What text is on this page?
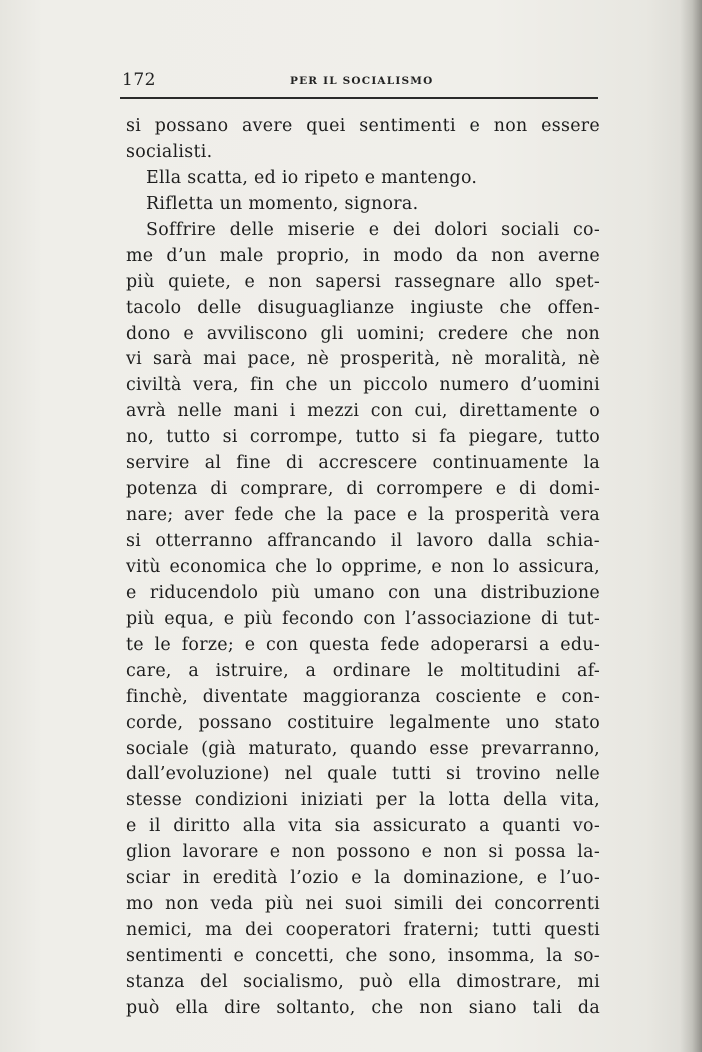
172	PER IL SOCIALISMO
si possano avere quei sentimenti e non essere
socialisti.
Ella scatta, ed io ripeto e mantengo.
Rifletta un momento, signora.
Soffrire delle miserie e dei dolori sociali co-
me d’un male proprio, in modo da non averne
più quiete, e non sapersi rassegnare allo spet-
tacolo delle disuguaglianze ingiuste che offen-
dono e avviliscono gli uomini; credere che non
vi sarà mai pace, nè prosperità, nè moralità, nè
civiltà vera, fin che un piccolo numero d’uomini
avrà nelle mani i mezzi con cui, direttamente o
no, tutto si corrompe, tutto si fa piegare, tutto
servire al fine di accrescere continuamente la
potenza di comprare, di corrompere e di domi-
nare; aver fede che la pace e la prosperità vera
si otterranno affrancando il lavoro dalla schia-
vitù economica che lo opprime, e non lo assicura,
e riducendolo più umano con una distribuzione
più equa, e più fecondo con l’associazione di tut-
te le forze; e con questa fede adoperarsi a edu-
care, a istruire, a ordinare le moltitudini af-
finchè, diventate maggioranza cosciente e con-
corde, possano costituire legalmente uno stato
sociale (già maturato, quando esse prevarranno,
dall’evoluzione) nel quale tutti si trovino nelle
stesse condizioni iniziati per la lotta della vita,
e il diritto alla vita sia assicurato a quanti vo-
glion lavorare e non possono e non si possa la-
sciar in eredità l’ozio e la dominazione, e l’uo-
mo non veda più nei suoi simili dei concorrenti
nemici, ma dei cooperatori fraterni; tutti questi
sentimenti e concetti, che sono, insomma, la so-
stanza del socialismo, può ella dimostrare, mi
può ella dire soltanto, che non siano tali da
